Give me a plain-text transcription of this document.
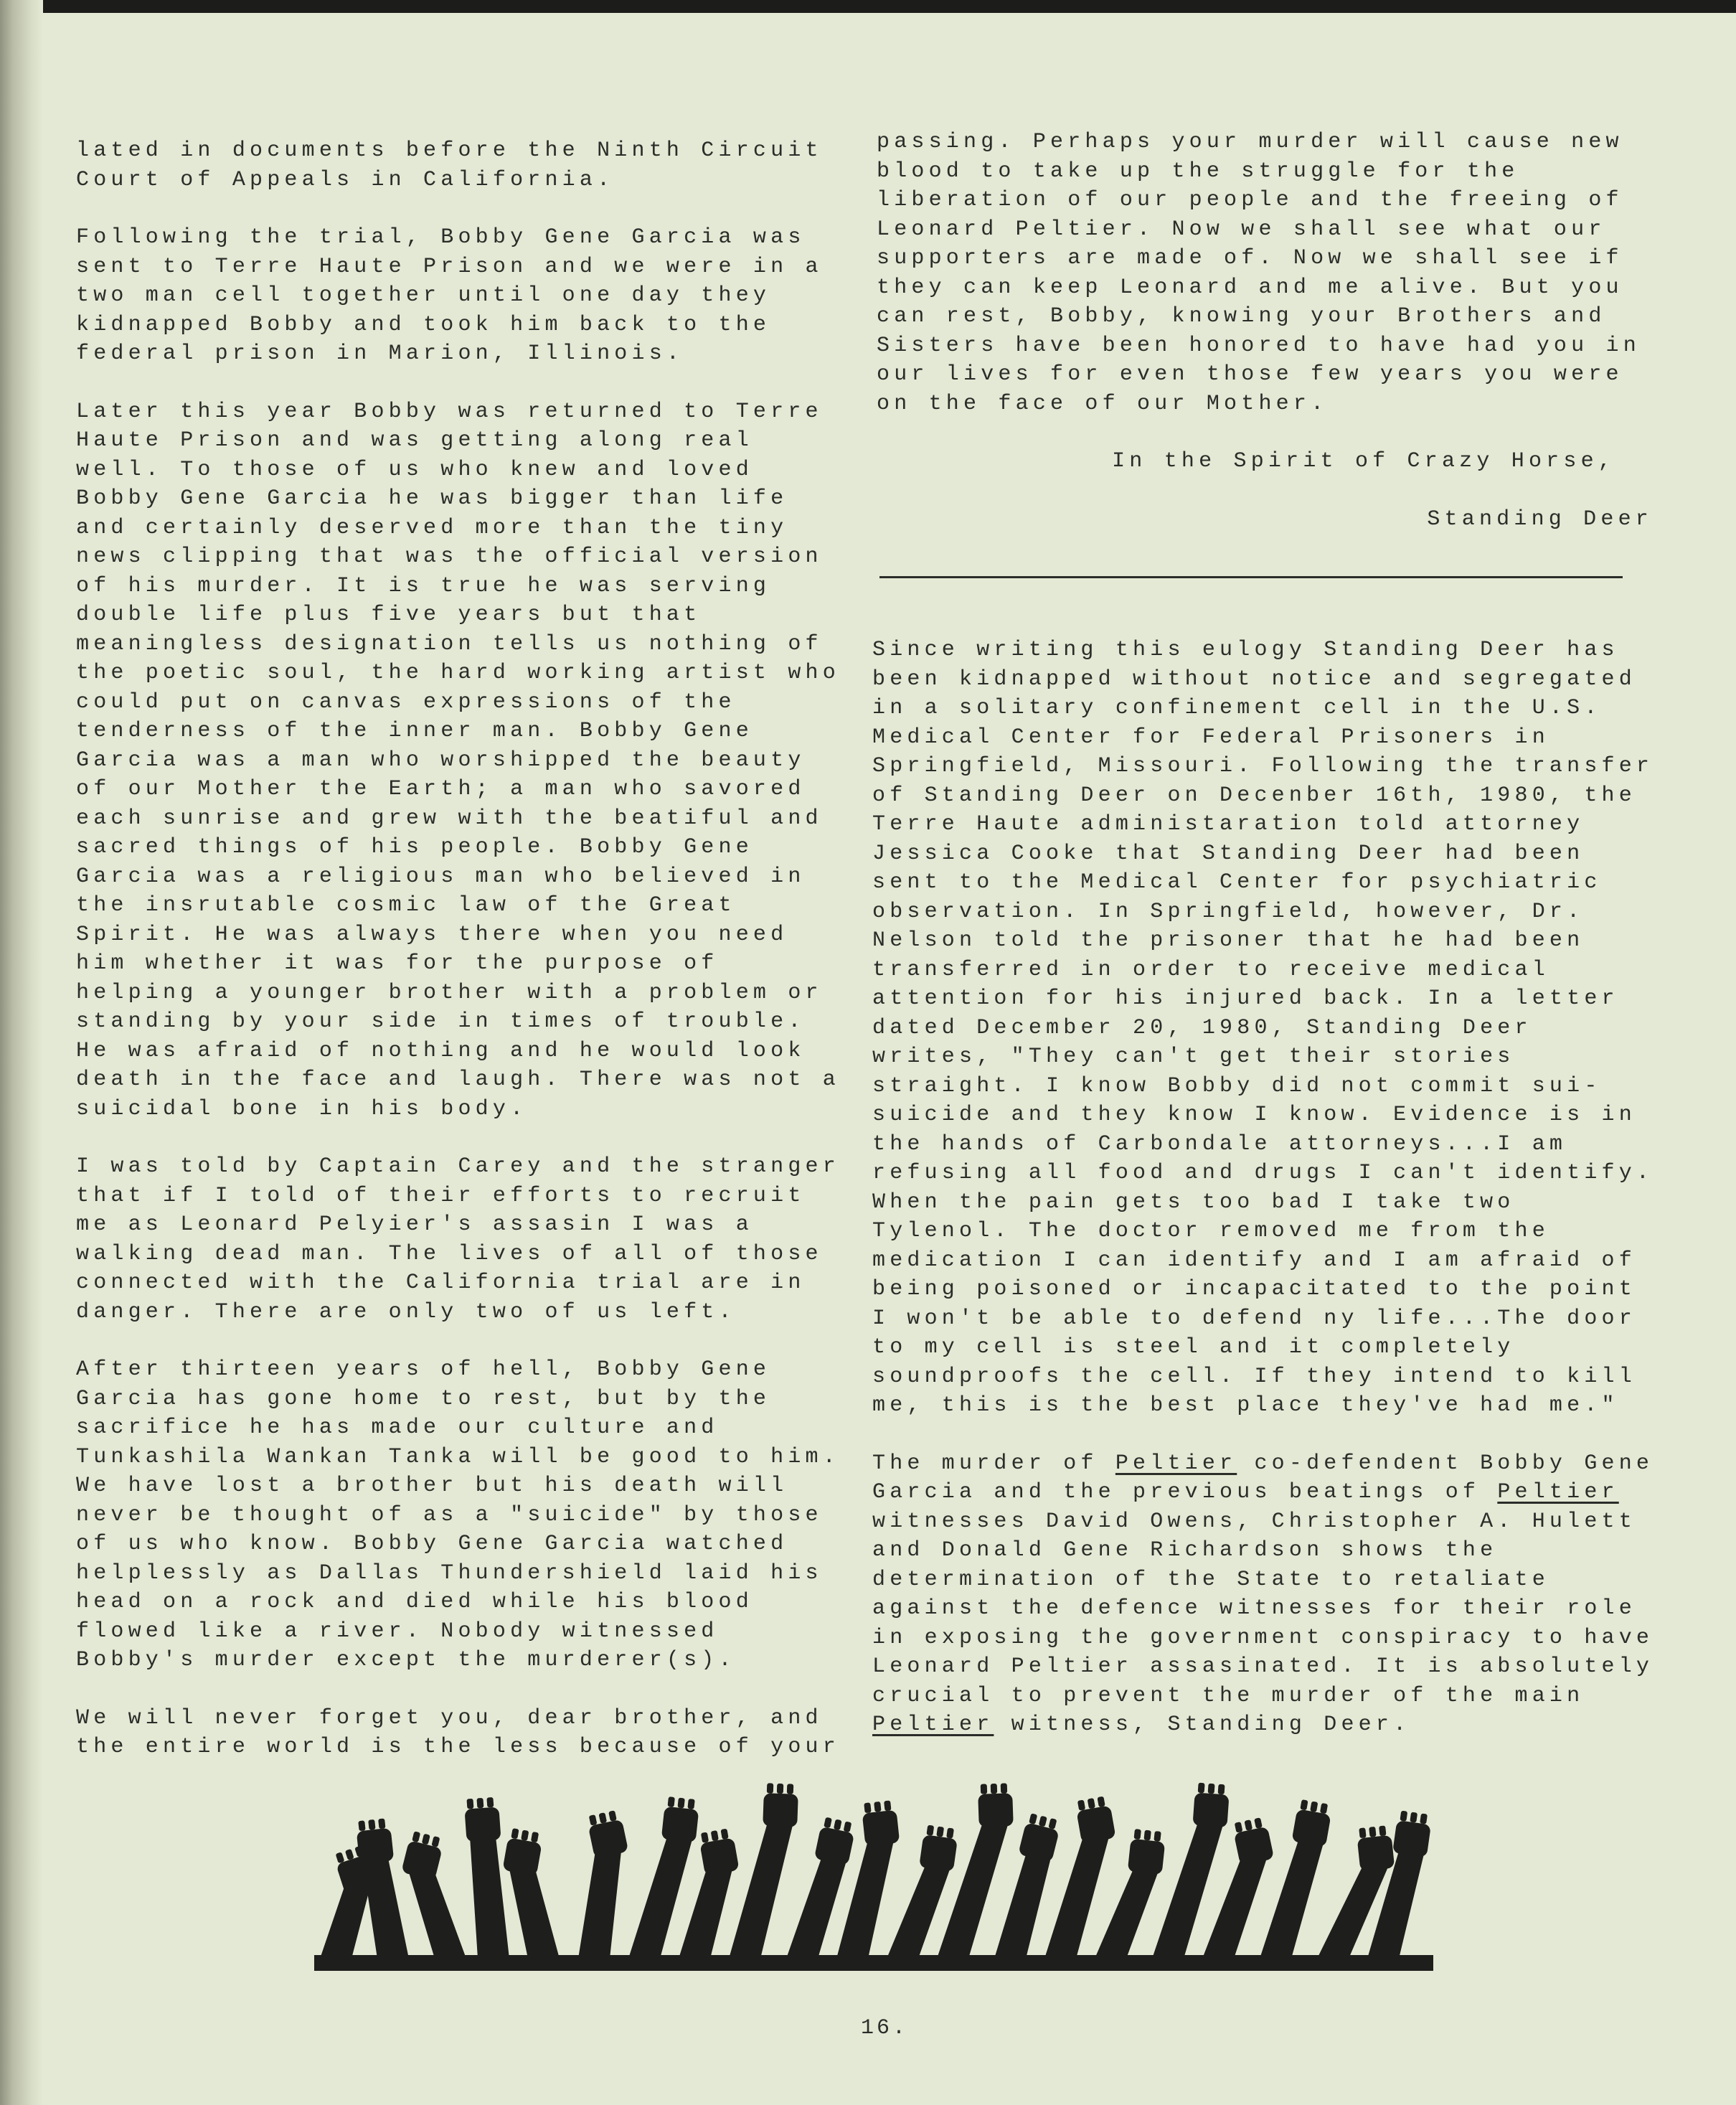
lated in documents before the Ninth Circuit Court of Appeals in California.

Following the trial, Bobby Gene Garcia was sent to Terre Haute Prison and we were in a two man cell together until one day they kidnapped Bobby and took him back to the federal prison in Marion, Illinois.

Later this year Bobby was returned to Terre Haute Prison and was getting along real well. To those of us who knew and loved Bobby Gene Garcia he was bigger than life and certainly deserved more than the tiny news clipping that was the official version of his murder. It is true he was serving double life plus five years but that meaningless designation tells us nothing of the poetic soul, the hard working artist who could put on canvas expressions of the tenderness of the inner man. Bobby Gene Garcia was a man who worshipped the beauty of our Mother the Earth; a man who savored each sunrise and grew with the beatiful and sacred things of his people. Bobby Gene Garcia was a religious man who believed in the insrutable cosmic law of the Great Spirit. He was always there when you need him whether it was for the purpose of helping a younger brother with a problem or standing by your side in times of trouble. He was afraid of nothing and he would look death in the face and laugh. There was not a suicidal bone in his body.

I was told by Captain Carey and the stranger that if I told of their efforts to recruit me as Leonard Pelyier's assasin I was a walking dead man. The lives of all of those connected with the California trial are in danger. There are only two of us left.

After thirteen years of hell, Bobby Gene Garcia has gone home to rest, but by the sacrifice he has made our culture and Tunkashila Wankan Tanka will be good to him. We have lost a brother but his death will never be thought of as a "suicide" by those of us who know. Bobby Gene Garcia watched helplessly as Dallas Thundershield laid his head on a rock and died while his blood flowed like a river. Nobody witnessed Bobby's murder except the murderer(s).

We will never forget you, dear brother, and the entire world is the less because of your

passing. Perhaps your murder will cause new blood to take up the struggle for the liberation of our people and the freeing of Leonard Peltier. Now we shall see what our supporters are made of. Now we shall see if they can keep Leonard and me alive. But you can rest, Bobby, knowing your Brothers and Sisters have been honored to have had you in our lives for even those few years you were on the face of our Mother.

In the Spirit of Crazy Horse,

Standing Deer

Since writing this eulogy Standing Deer has been kidnapped without notice and segregated in a solitary confinement cell in the U.S. Medical Center for Federal Prisoners in Springfield, Missouri. Following the transfer of Standing Deer on Decenber 16th, 1980, the Terre Haute administaration told attorney Jessica Cooke that Standing Deer had been sent to the Medical Center for psychiatric observation. In Springfield, however, Dr. Nelson told the prisoner that he had been transferred in order to receive medical attention for his injured back. In a letter dated December 20, 1980, Standing Deer writes, "They can't get their stories straight. I know Bobby did not commit sui-suicide and they know I know. Evidence is in the hands of Carbondale attorneys...I am refusing all food and drugs I can't identify. When the pain gets too bad I take two Tylenol. The doctor removed me from the medication I can identify and I am afraid of being poisoned or incapacitated to the point I won't be able to defend ny life...The door to my cell is steel and it completely soundproofs the cell. If they intend to kill me, this is the best place they've had me."

The murder of Peltier co-defendent Bobby Gene Garcia and the previous beatings of Peltier witnesses David Owens, Christopher A. Hulett and Donald Gene Richardson shows the determination of the State to retaliate against the defence witnesses for their role in exposing the government conspiracy to have Leonard Peltier assasinated. It is absolutely crucial to prevent the murder of the main Peltier witness, Standing Deer.

16.
